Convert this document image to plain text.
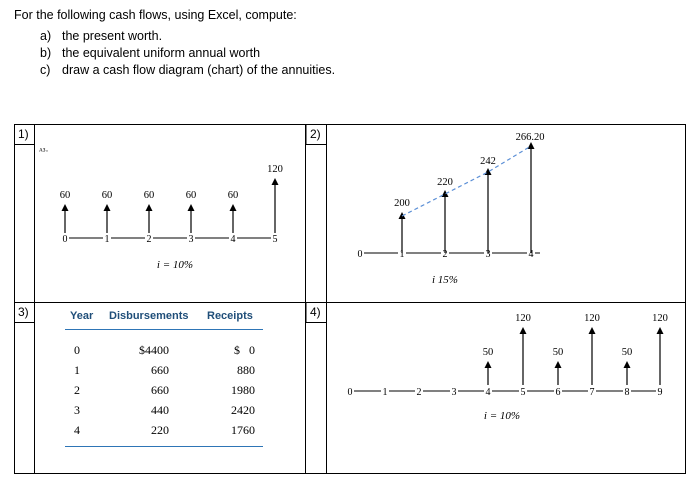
For the following cash flows, using Excel, compute:

a) the present worth.
b) the equivalent uniform annual worth
c) draw a cash flow diagram (chart) of the annuities.
1)	2)
3)	4)
ᴬ³·
60	60	60	60	60
120
0	1	2	3	4	5
i = 10%
0	1	2	3	4
200
220
242
266.20
i 15%
Year Disbursements Receipts
0	$4400	$   0
1	660	880
2	660	1980
3	440	2420
4	220	1760
0	1	2	3	4	5	6	7	8	9
50
120
50
120
50
120
i = 10%
